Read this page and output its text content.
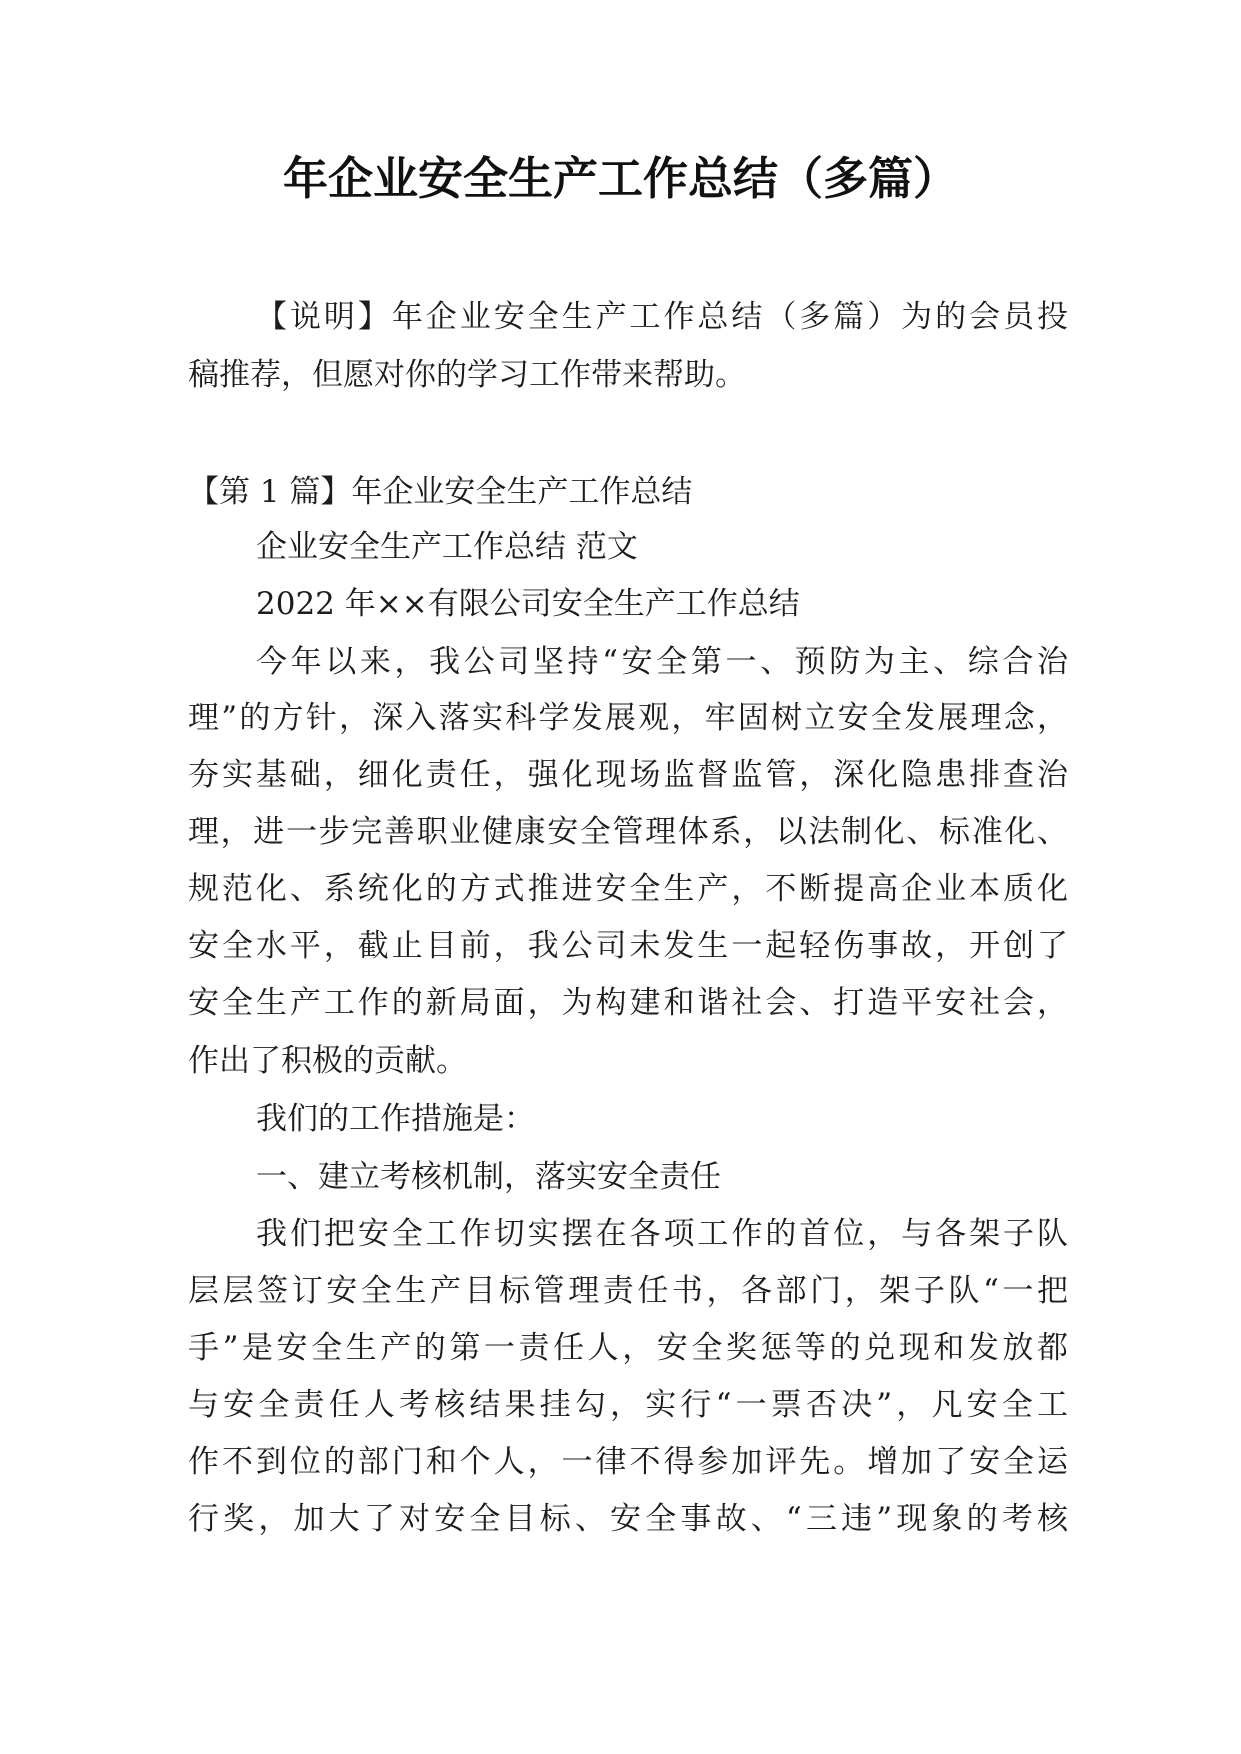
年企业安全生产工作总结（多篇）

【说明】年企业安全生产工作总结（多篇）为的会员投

稿推荐，但愿对你的学习工作带来帮助。

【第 1 篇】年企业安全生产工作总结

企业安全生产工作总结 范文

2022 年××有限公司安全生产工作总结

今年以来，我公司坚持“安全第一、预防为主、综合治

理”的方针，深入落实科学发展观，牢固树立安全发展理念，

夯实基础，细化责任，强化现场监督监管，深化隐患排查治

理，进一步完善职业健康安全管理体系，以法制化、标准化、

规范化、系统化的方式推进安全生产，不断提高企业本质化

安全水平，截止目前，我公司未发生一起轻伤事故，开创了

安全生产工作的新局面，为构建和谐社会、打造平安社会，

作出了积极的贡献。

我们的工作措施是：

一、建立考核机制，落实安全责任

我们把安全工作切实摆在各项工作的首位，与各架子队

层层签订安全生产目标管理责任书，各部门，架子队“一把

手”是安全生产的第一责任人，安全奖惩等的兑现和发放都

与安全责任人考核结果挂勾，实行“一票否决”，凡安全工

作不到位的部门和个人，一律不得参加评先。增加了安全运

行奖，加大了对安全目标、安全事故、“三违”现象的考核
